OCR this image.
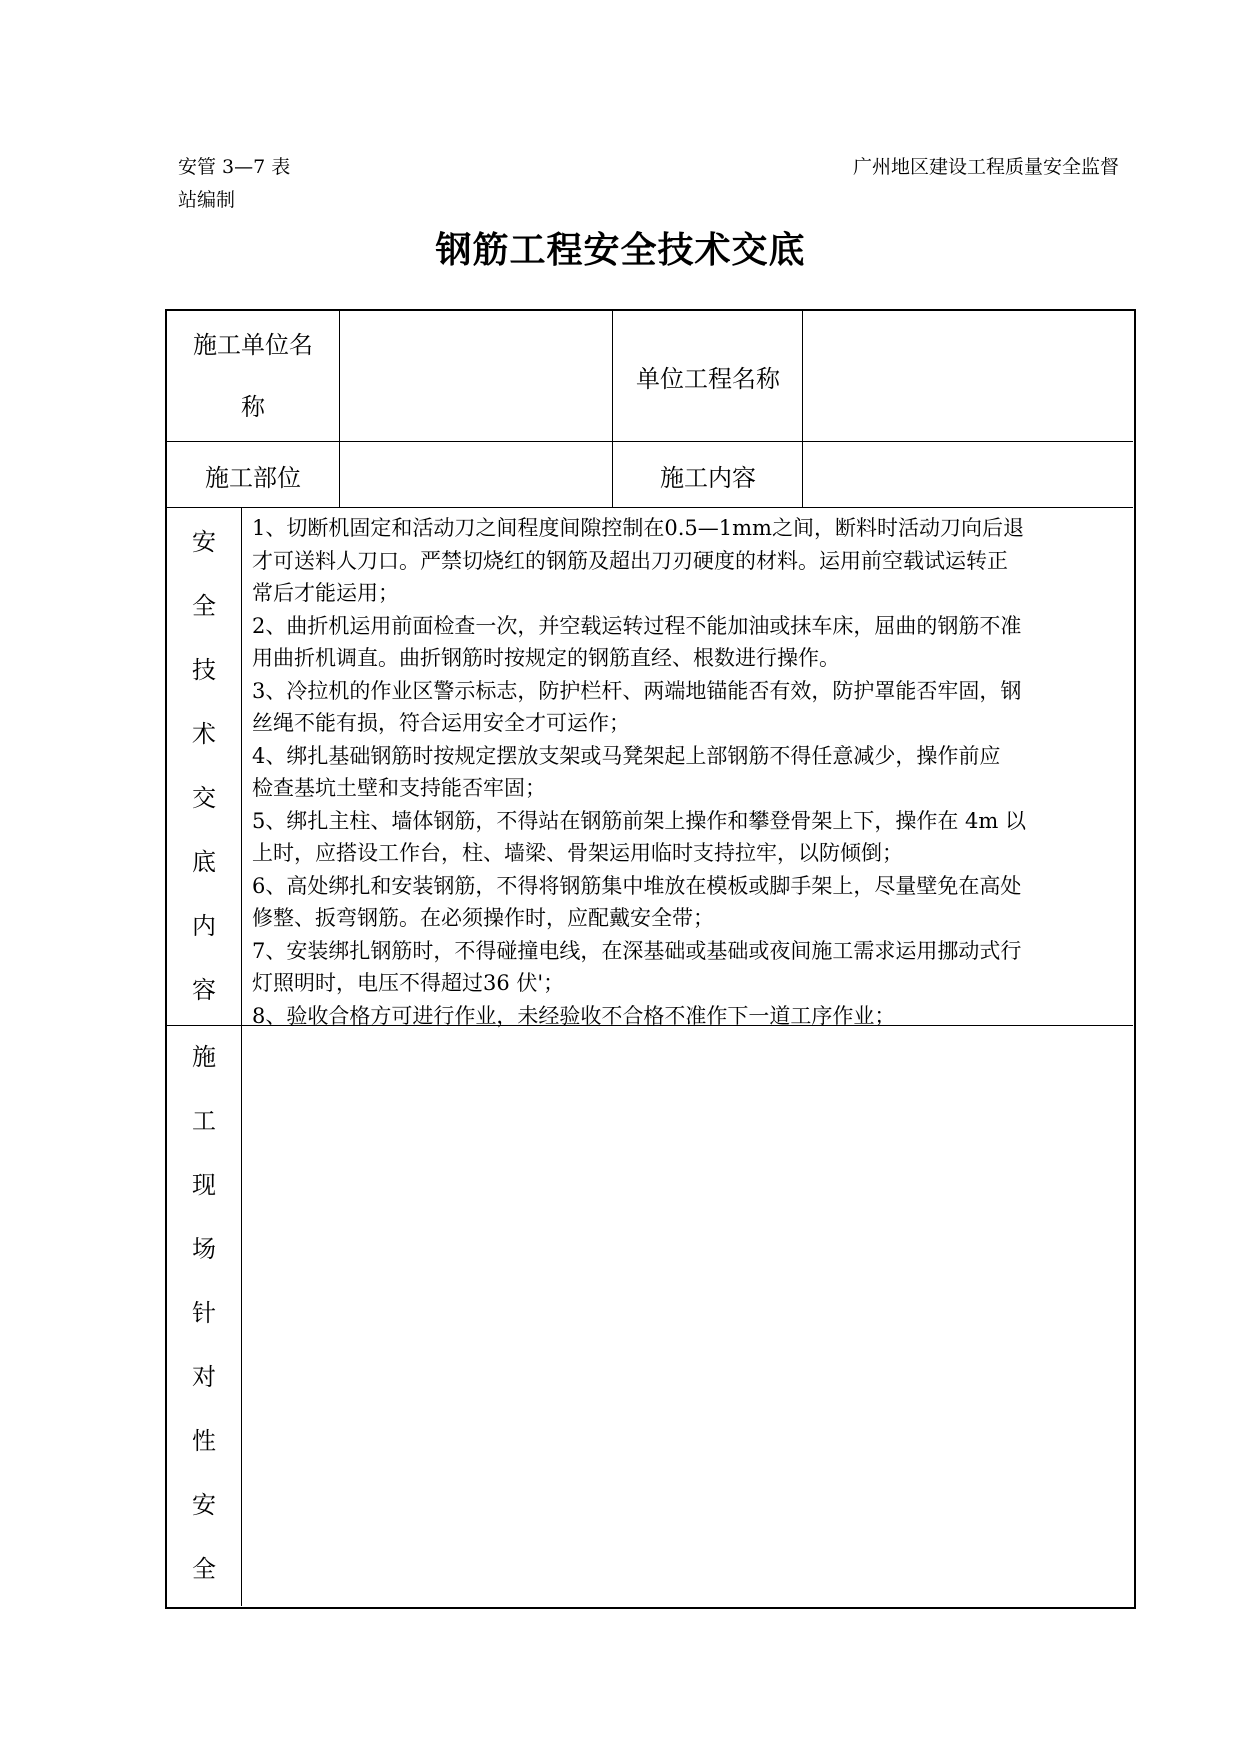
安管 3—7 表	广州地区建设工程质量安全监督
站编制
钢筋工程安全技术交底
施工单位名
称
单位工程名称
施工部位	施工内容
安
全
技
术
交
底
内
容
1、切断机固定和活动刀之间程度间隙控制在0.5—1mm之间，断料时活动刀向后退
才可送料人刀口。严禁切烧红的钢筋及超出刀刃硬度的材料。运用前空载试运转正
常后才能运用；
2、曲折机运用前面检查一次，并空载运转过程不能加油或抹车床，屈曲的钢筋不准
用曲折机调直。曲折钢筋时按规定的钢筋直经、根数进行操作。
3、冷拉机的作业区警示标志，防护栏杆、两端地锚能否有效，防护罩能否牢固，钢
丝绳不能有损，符合运用安全才可运作；
4、绑扎基础钢筋时按规定摆放支架或马凳架起上部钢筋不得任意减少，操作前应
检查基坑土壁和支持能否牢固；
5、绑扎主柱、墙体钢筋，不得站在钢筋前架上操作和攀登骨架上下，操作在 4m 以
上时，应搭设工作台，柱、墙梁、骨架运用临时支持拉牢，以防倾倒；
6、高处绑扎和安装钢筋，不得将钢筋集中堆放在模板或脚手架上，尽量壁免在高处
修整、扳弯钢筋。在必须操作时，应配戴安全带；
7、安装绑扎钢筋时，不得碰撞电线，在深基础或基础或夜间施工需求运用挪动式行
灯照明时，电压不得超过36 伏'；
8、验收合格方可进行作业，未经验收不合格不准作下一道工序作业；
施
工
现
场
针
对
性
安
全
